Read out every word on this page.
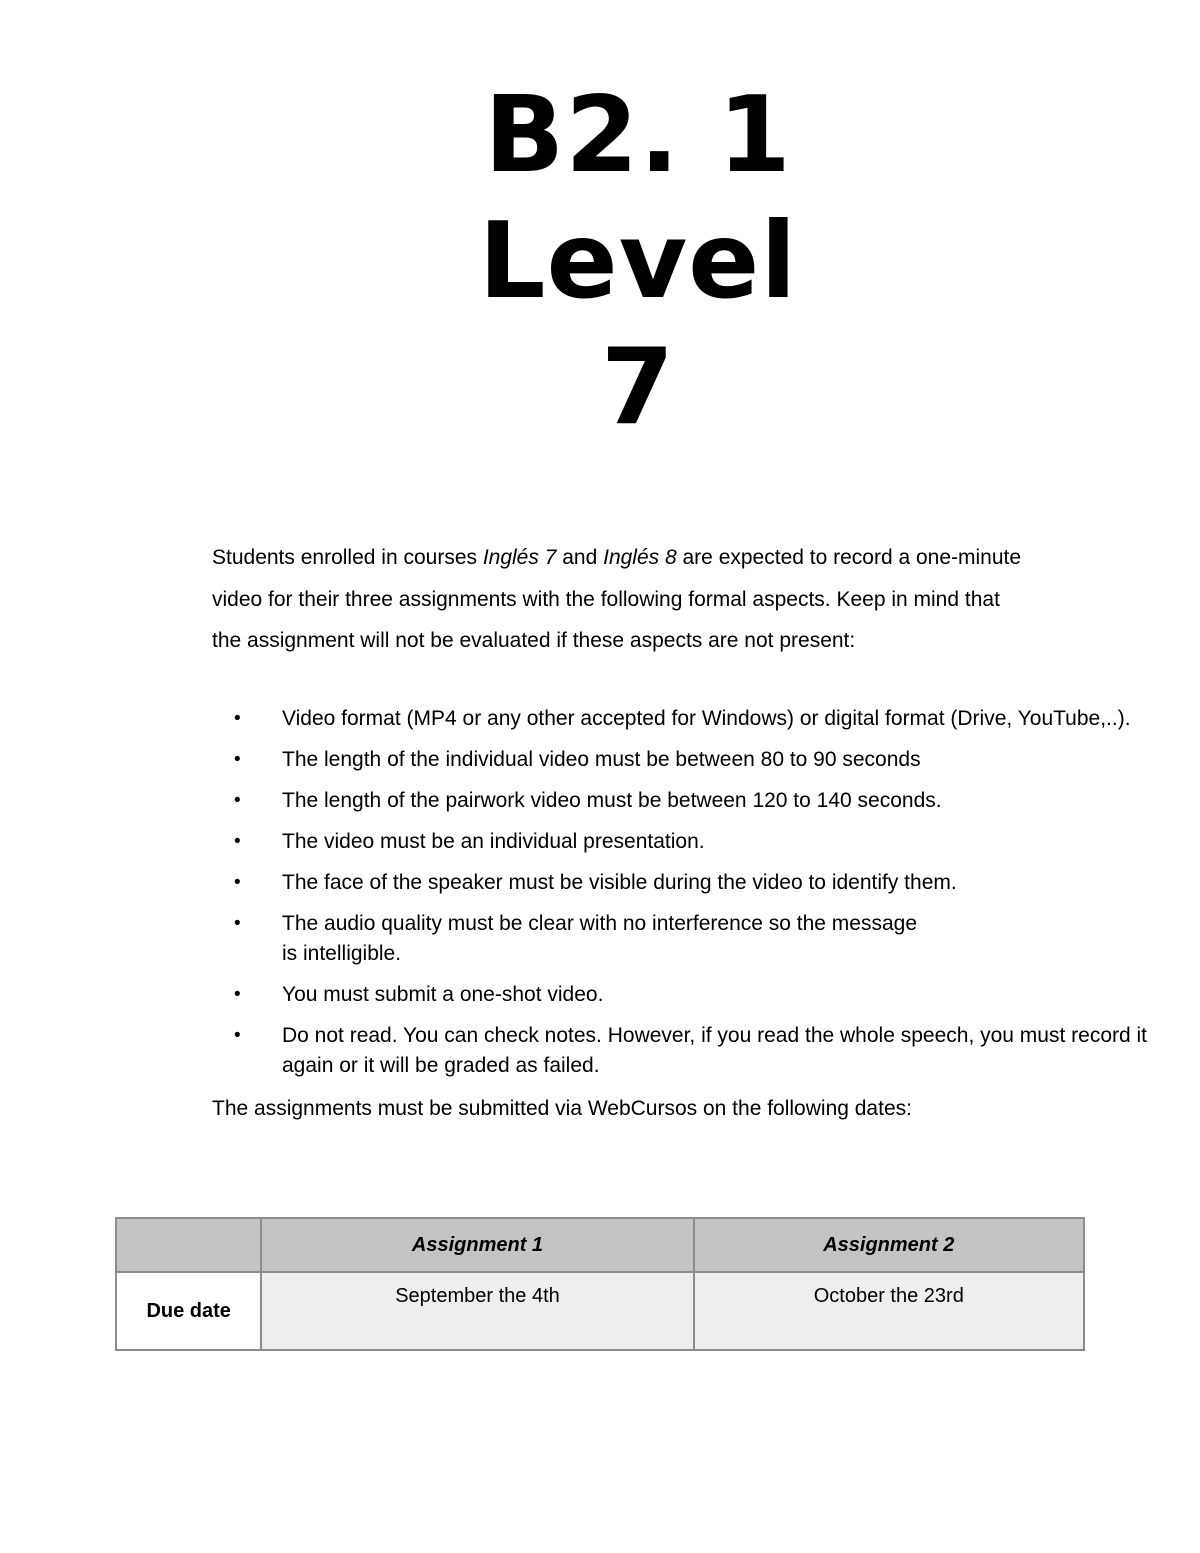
B2. 1
Level
7
Students enrolled in courses Inglés 7 and Inglés 8 are expected to record a one-minute
video for their three assignments with the following formal aspects. Keep in mind that
the assignment will not be evaluated if these aspects are not present:
• Video format (MP4 or any other accepted for Windows) or digital format (Drive, YouTube,..).
• The length of the individual video must be between 80 to 90 seconds
• The length of the pairwork video must be between 120 to 140 seconds.
• The video must be an individual presentation.
• The face of the speaker must be visible during the video to identify them.
• The audio quality must be clear with no interference so the message
is intelligible.
• You must submit a one-shot video.
• Do not read. You can check notes. However, if you read the whole speech, you must record it
again or it will be graded as failed.
The assignments must be submitted via WebCursos on the following dates:
	Assignment 1	Assignment 2
Due date	September the 4th	October the 23rd
